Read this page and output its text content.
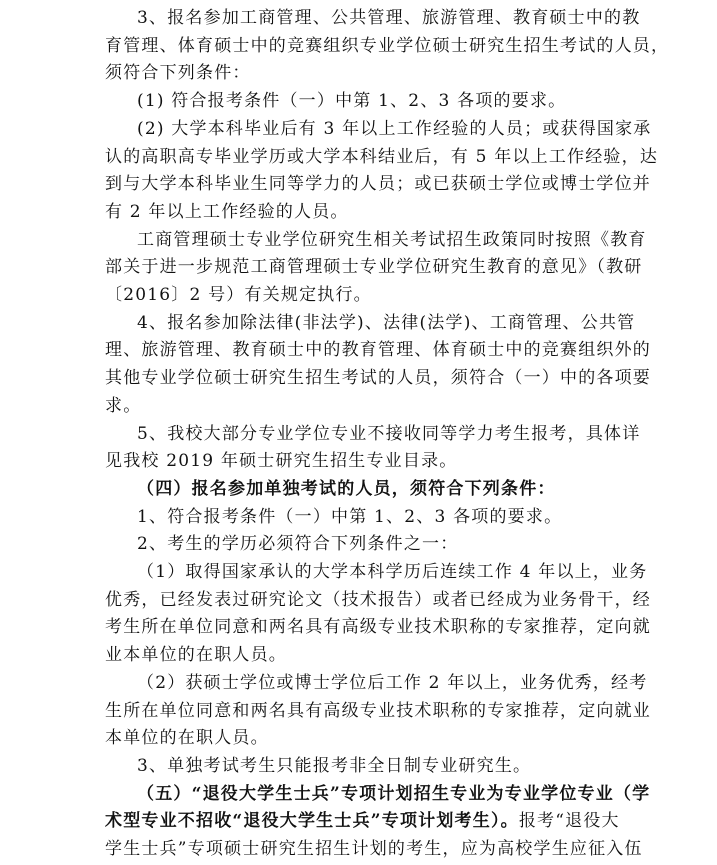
3、报名参加工商管理、公共管理、旅游管理、教育硕士中的教
育管理、体育硕士中的竞赛组织专业学位硕士研究生招生考试的人员，
须符合下列条件：
(1) 符合报考条件（一）中第 1、2、3 各项的要求。
(2) 大学本科毕业后有 3 年以上工作经验的人员；或获得国家承
认的高职高专毕业学历或大学本科结业后，有 5 年以上工作经验，达
到与大学本科毕业生同等学力的人员；或已获硕士学位或博士学位并
有 2 年以上工作经验的人员。
工商管理硕士专业学位研究生相关考试招生政策同时按照《教育
部关于进一步规范工商管理硕士专业学位研究生教育的意见》（教研
〔2016〕2 号）有关规定执行。
4、报名参加除法律(非法学)、法律(法学)、工商管理、公共管
理、旅游管理、教育硕士中的教育管理、体育硕士中的竞赛组织外的
其他专业学位硕士研究生招生考试的人员，须符合（一）中的各项要
求。
5、我校大部分专业学位专业不接收同等学力考生报考，具体详
见我校 2019 年硕士研究生招生专业目录。
（四）报名参加单独考试的人员，须符合下列条件：
1、符合报考条件（一）中第 1、2、3 各项的要求。
2、考生的学历必须符合下列条件之一：
（1）取得国家承认的大学本科学历后连续工作 4 年以上，业务
优秀，已经发表过研究论文（技术报告）或者已经成为业务骨干，经
考生所在单位同意和两名具有高级专业技术职称的专家推荐，定向就
业本单位的在职人员。
（2）获硕士学位或博士学位后工作 2 年以上，业务优秀，经考
生所在单位同意和两名具有高级专业技术职称的专家推荐，定向就业
本单位的在职人员。
3、单独考试考生只能报考非全日制专业研究生。
（五）“退役大学生士兵”专项计划招生专业为专业学位专业（学
术型专业不招收“退役大学生士兵”专项计划考生）。报考“退役大
学生士兵”专项硕士研究生招生计划的考生，应为高校学生应征入伍
